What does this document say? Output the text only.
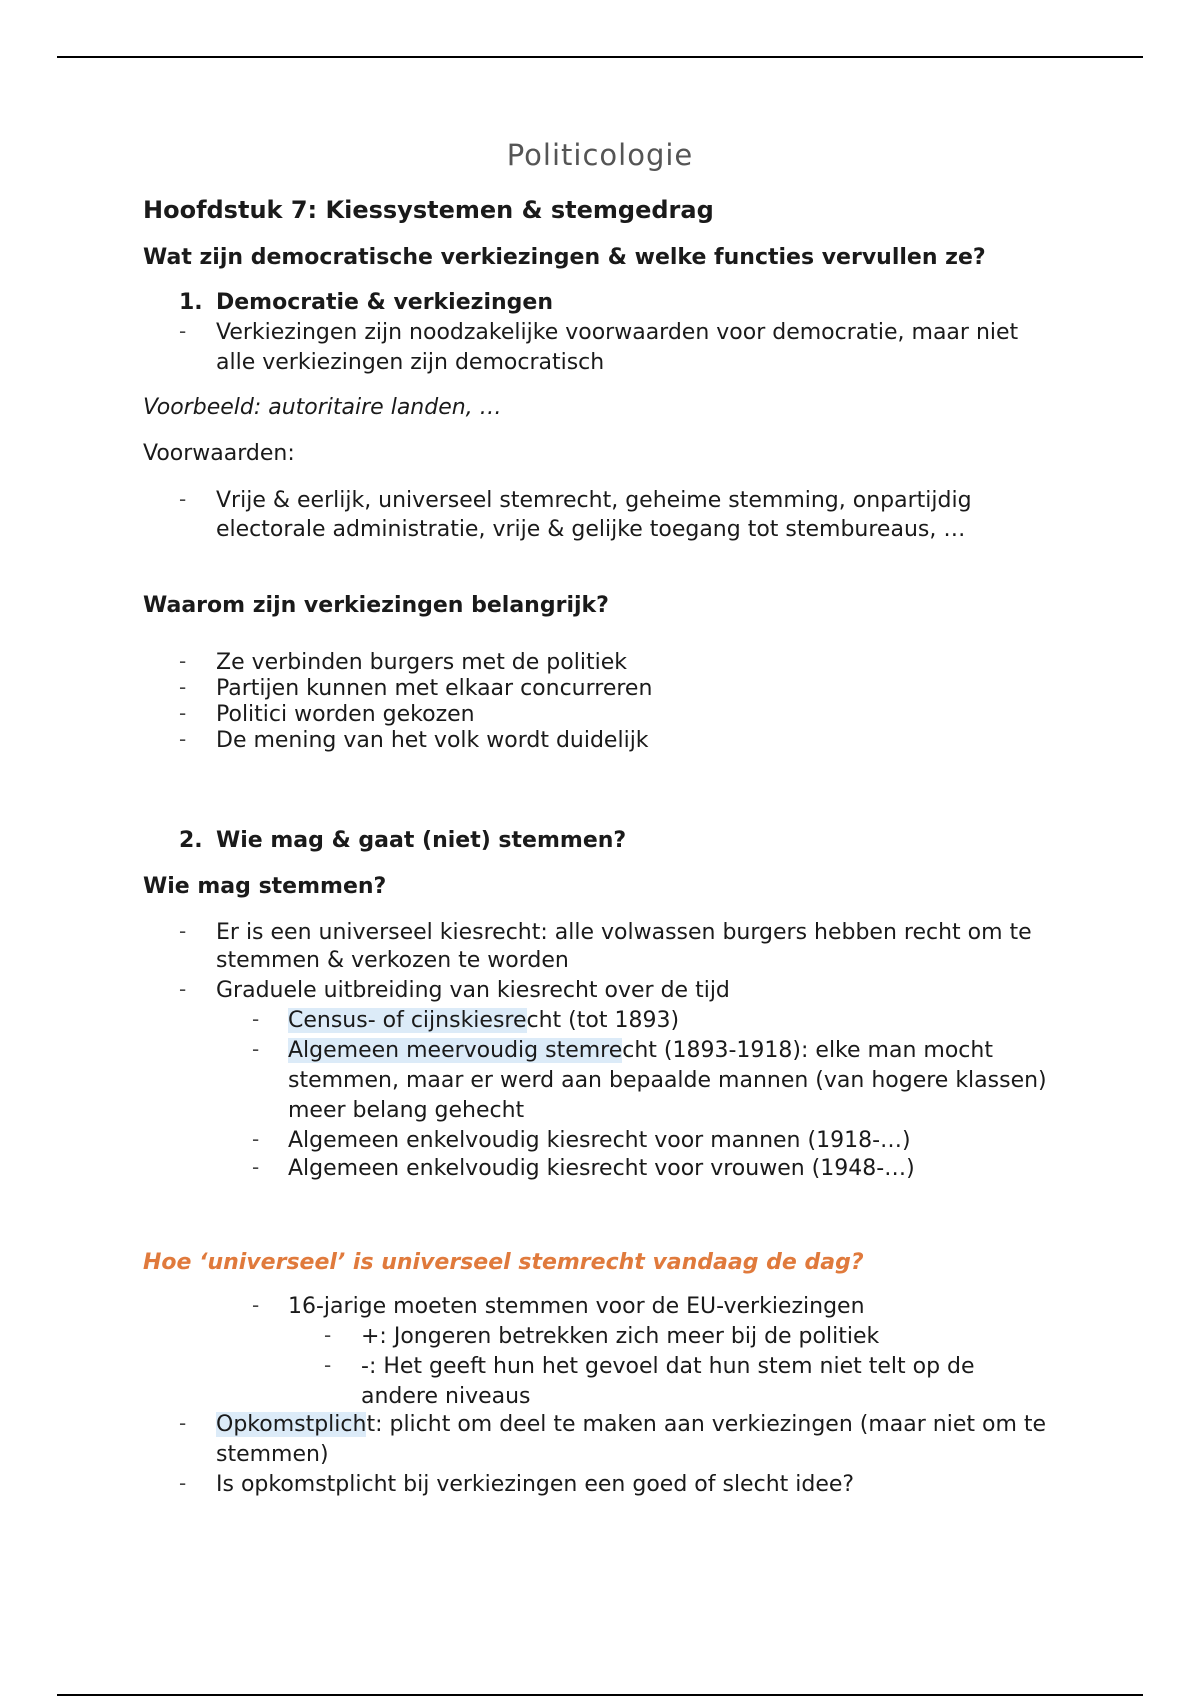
Politicologie
Hoofdstuk 7: Kiessystemen & stemgedrag
Wat zijn democratische verkiezingen & welke functies vervullen ze?
1. Democratie & verkiezingen
- Verkiezingen zijn noodzakelijke voorwaarden voor democratie, maar niet
alle verkiezingen zijn democratisch
Voorbeeld: autoritaire landen, …
Voorwaarden:
- Vrije & eerlijk, universeel stemrecht, geheime stemming, onpartijdig
electorale administratie, vrije & gelijke toegang tot stembureaus, …
Waarom zijn verkiezingen belangrijk?
- Ze verbinden burgers met de politiek
- Partijen kunnen met elkaar concurreren
- Politici worden gekozen
- De mening van het volk wordt duidelijk
2. Wie mag & gaat (niet) stemmen?
Wie mag stemmen?
- Er is een universeel kiesrecht: alle volwassen burgers hebben recht om te
stemmen & verkozen te worden
- Graduele uitbreiding van kiesrecht over de tijd
- Census- of cijnskiesrecht (tot 1893)
- Algemeen meervoudig stemrecht (1893-1918): elke man mocht
stemmen, maar er werd aan bepaalde mannen (van hogere klassen)
meer belang gehecht
- Algemeen enkelvoudig kiesrecht voor mannen (1918-…)
- Algemeen enkelvoudig kiesrecht voor vrouwen (1948-…)
Hoe ‘universeel’ is universeel stemrecht vandaag de dag?
- 16-jarige moeten stemmen voor de EU-verkiezingen
- +: Jongeren betrekken zich meer bij de politiek
- -: Het geeft hun het gevoel dat hun stem niet telt op de
andere niveaus
- Opkomstplicht: plicht om deel te maken aan verkiezingen (maar niet om te
stemmen)
- Is opkomstplicht bij verkiezingen een goed of slecht idee?
